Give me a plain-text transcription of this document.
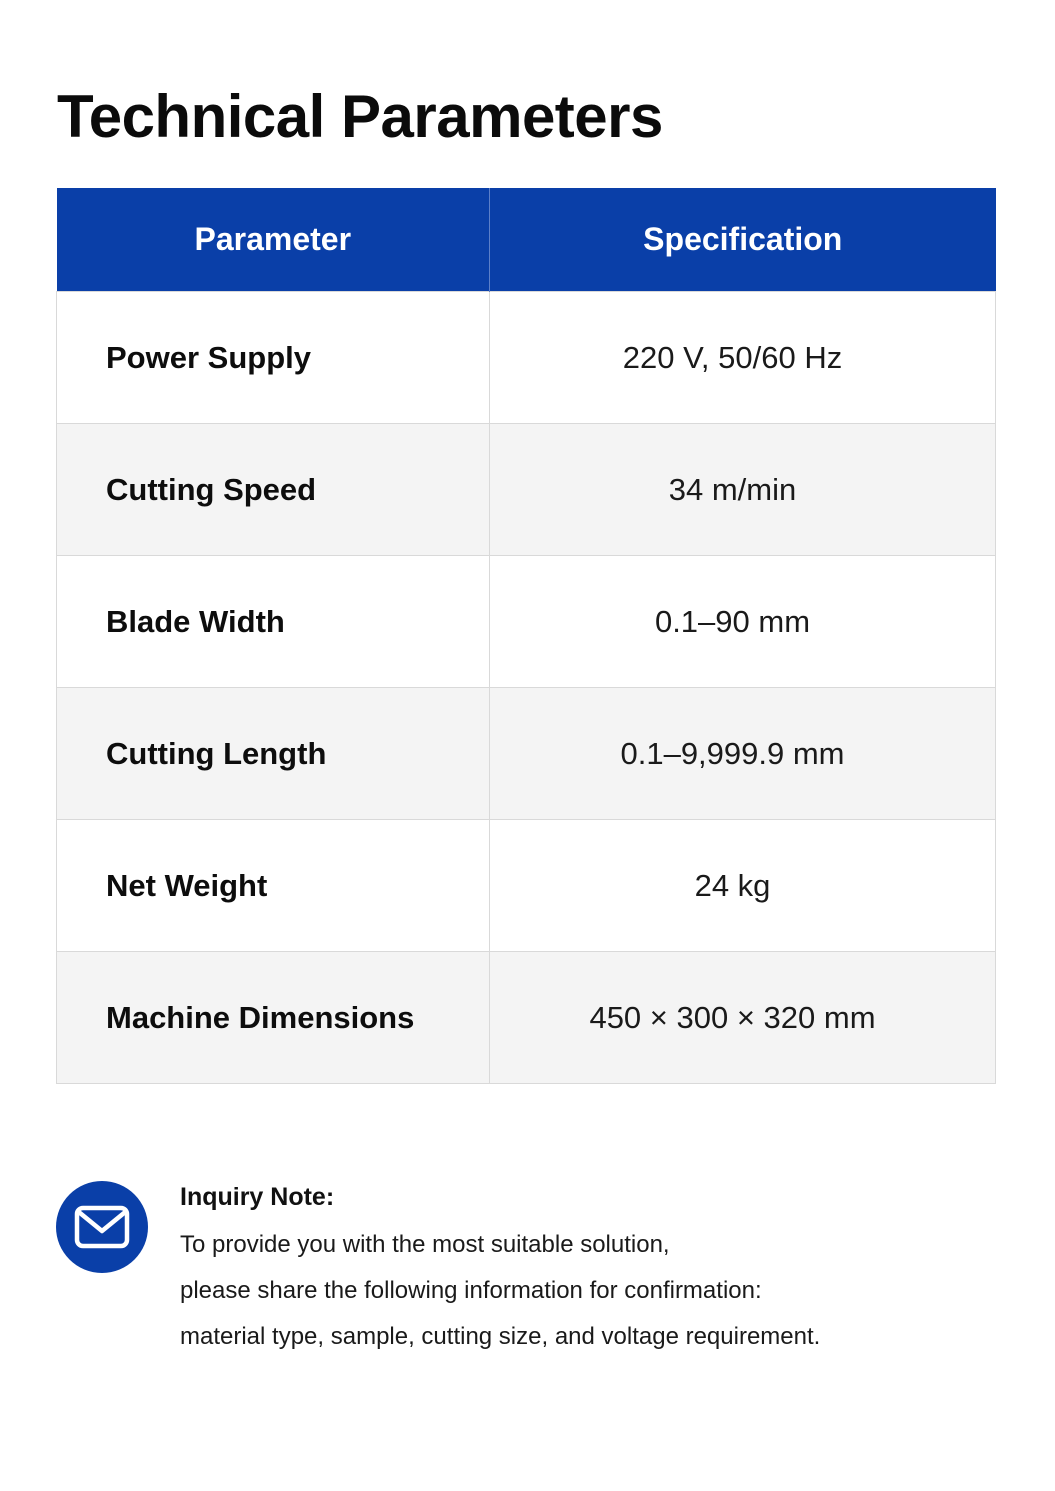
Technical Parameters
Parameter	Specification
Power Supply	220 V, 50/60 Hz
Cutting Speed	34 m/min
Blade Width	0.1–90 mm
Cutting Length	0.1–9,999.9 mm
Net Weight	24 kg
Machine Dimensions	450 × 300 × 320 mm

Inquiry Note:

To provide you with the most suitable solution,

please share the following information for confirmation:

material type, sample, cutting size, and voltage requirement.
